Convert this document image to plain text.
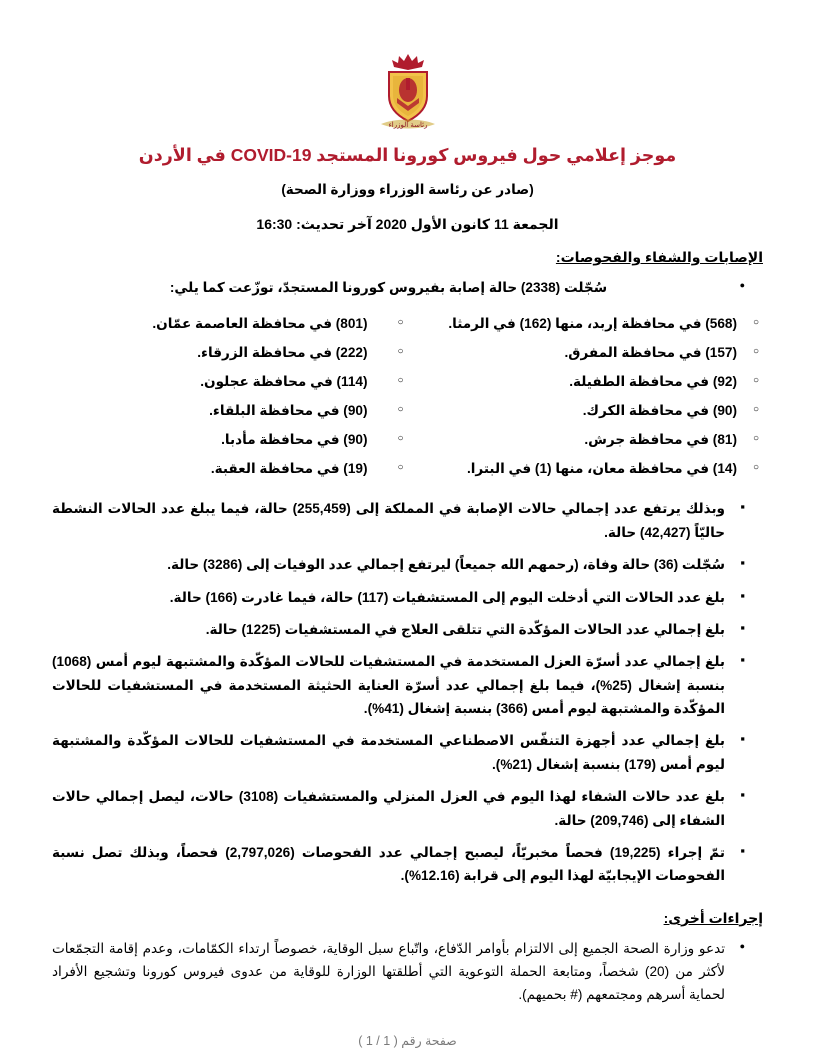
رئاسة الوزراء
موجز إعلامي حول فيروس كورونا المستجد COVID-19 في الأردن
(صادر عن رئاسة الوزراء ووزارة الصحة)
الجمعة 11 كانون الأول 2020 آخر تحديث: 16:30
الإصابات والشفاء والفحوصات:
● سُجّلت (2338) حالة إصابة بفيروس كورونا المستجدّ، توزّعت كما يلي:
○ (568) في محافظة إربد، منها (162) في الرمثا.	○ (801) في محافظة العاصمة عمّان.

○ (157) في محافظة المفرق.	○ (222) في محافظة الزرقاء.

○ (92) في محافظة الطفيلة.	○ (114) في محافظة عجلون.

○ (90) في محافظة الكرك.	○ (90) في محافظة البلقاء.

○ (81) في محافظة جرش.	○ (90) في محافظة مأدبا.

○ (14) في محافظة معان، منها (1) في البترا.	○ (19) في محافظة العقبة.
▪ وبذلك يرتفع عدد إجمالي حالات الإصابة في المملكة إلى (255,459) حالة، فيما يبلغ عدد الحالات النشطة حاليّاً (42,427) حالة.
▪ سُجّلت (36) حالة وفاة، (رحمهم الله جميعاً) ليرتفع إجمالي عدد الوفيات إلى (3286) حالة.
▪ بلغ عدد الحالات التي أدخلت اليوم إلى المستشفيات (117) حالة، فيما غادرت (166) حالة.
▪ بلغ إجمالي عدد الحالات المؤكّدة التي تتلقى العلاج في المستشفيات (1225) حالة.
▪ بلغ إجمالي عدد أسرّة العزل المستخدمة في المستشفيات للحالات المؤكّدة والمشتبهة ليوم أمس (1068) بنسبة إشغال (25%)، فيما بلغ إجمالي عدد أسرّة العناية الحثيثة المستخدمة في المستشفيات للحالات المؤكّدة والمشتبهة ليوم أمس (366) بنسبة إشغال (41%).
▪ بلغ إجمالي عدد أجهزة التنفّس الاصطناعي المستخدمة في المستشفيات للحالات المؤكّدة والمشتبهة ليوم أمس (179) بنسبة إشغال (21%).
▪ بلغ عدد حالات الشفاء لهذا اليوم في العزل المنزلي والمستشفيات (3108) حالات، ليصل إجمالي حالات الشفاء إلى (209,746) حالة.
▪ تمّ إجراء (19,225) فحصاً مخبريّاً، ليصبح إجمالي عدد الفحوصات (2,797,026) فحصاً، وبذلك تصل نسبة الفحوصات الإيجابيّة لهذا اليوم إلى قرابة (12.16%).
إجراءات أخرى:
● تدعو وزارة الصحة الجميع إلى الالتزام بأوامر الدّفاع، واتّباع سبل الوقاية، خصوصاً ارتداء الكمّامات، وعدم إقامة التجمّعات لأكثر من (20) شخصاً، ومتابعة الحملة التوعوية التي أطلقتها الوزارة للوقاية من عدوى فيروس كورونا وتشجيع الأفراد لحماية أسرهم ومجتمعهم (# بحميهم).
صفحة رقم ( 1 / 1 )
